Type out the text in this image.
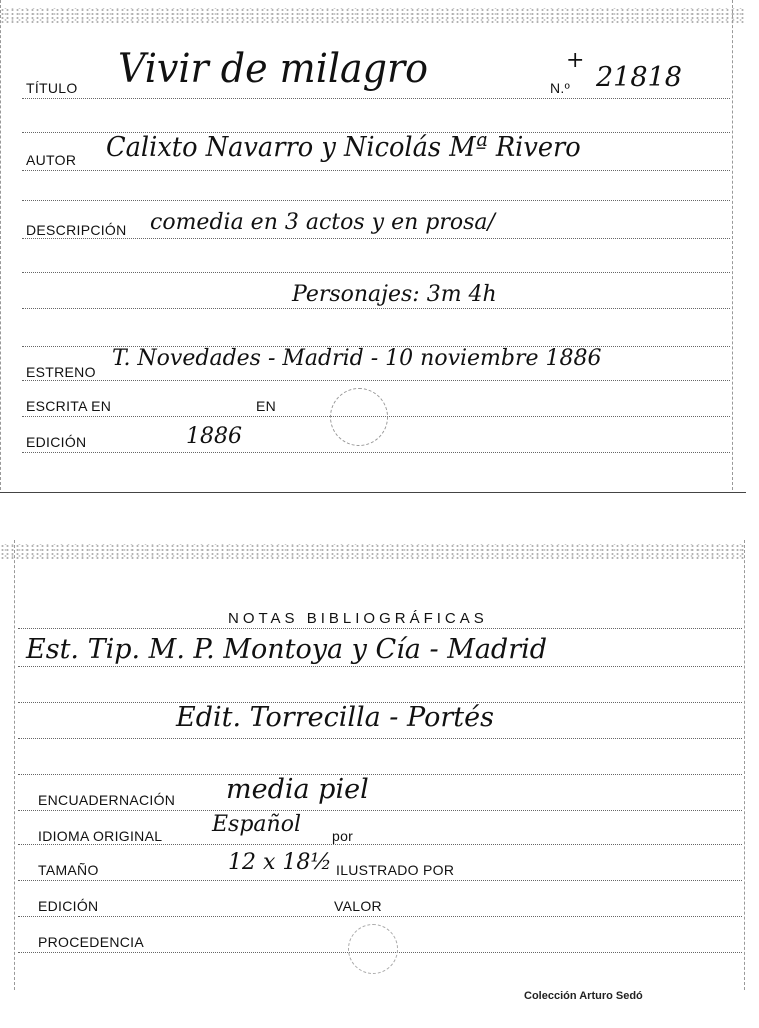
TÍTULO Vivir de milagro	+
N.º 21818
AUTOR Calixto Navarro y Nicolás Mª Rivero
DESCRIPCIÓN comedia en 3 actos y en prosa/
Personajes: 3m 4h
ESTRENO
T. Novedades - Madrid - 10 noviembre 1886
ESCRITA EN	EN
EDICIÓN	1886
NOTAS BIBLIOGRÁFICAS
Est. Tip. M. P. Montoya y Cía - Madrid
Edit. Torrecilla - Portés
ENCUADERNACIÓN media piel
IDIOMA ORIGINAL Español por
TAMAÑO	12 x 18½ ILUSTRADO POR
EDICIÓN	VALOR
PROCEDENCIA
Colección Arturo Sedó
